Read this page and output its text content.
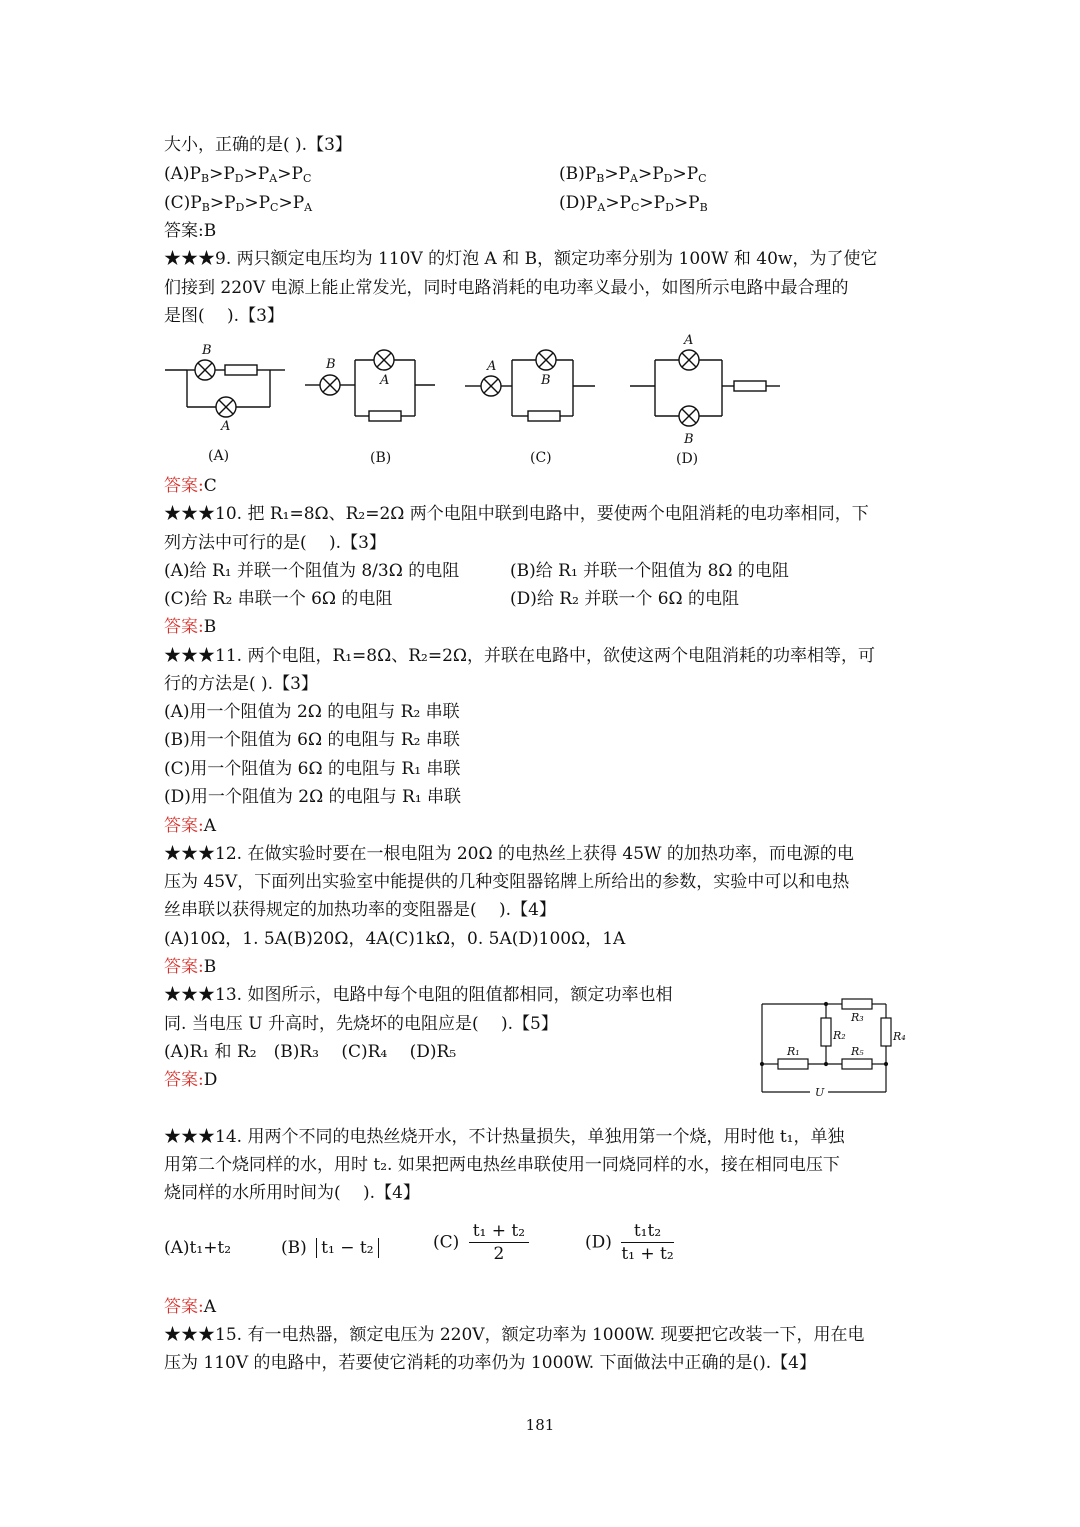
大小，正确的是( ).【3】
$(A)P_B>P_D>P_A>P_C$	$(B)P_B>P_A>P_D>P_C$
$(C)P_B>P_D>P_C>P_A$	$(D)P_A>P_C>P_D>P_B$
答案:B
★★★9. 两只额定电压均为 110V 的灯泡 A 和 B，额定功率分别为 100W 和 40w，为了使它
们接到 220V 电源上能止常发光，同时电路消耗的电功率义最小，如图所示电路中最合理的
是图(　 ).【3】
B
A
B
A
A
B
A
B
(A)	(B)	(C)	(D)
答案:C
★★★10. 把 R₁=8Ω、R₂=2Ω 两个电阻中联到电路中，要使两个电阻消耗的电功率相同，下
列方法中可行的是(　 ).【3】
(A)给 R₁ 并联一个阻值为 8/3Ω 的电阻	(B)给 R₁ 并联一个阻值为 8Ω 的电阻
(C)给 R₂ 串联一个 6Ω 的电阻	(D)给 R₂ 并联一个 6Ω 的电阻
答案:B
★★★11. 两个电阻，R₁=8Ω、R₂=2Ω，并联在电路中，欲使这两个电阻消耗的功率相等，可
行的方法是( ).【3】
(A)用一个阻值为 2Ω 的电阻与 R₂ 串联
(B)用一个阻值为 6Ω 的电阻与 R₂ 串联
(C)用一个阻值为 6Ω 的电阻与 R₁ 串联
(D)用一个阻值为 2Ω 的电阻与 R₁ 串联
答案:A
★★★12. 在做实验时要在一根电阻为 20Ω 的电热丝上获得 45W 的加热功率，而电源的电
压为 45V，下面列出实验室中能提供的几种变阻器铭牌上所给出的参数，实验中可以和电热
丝串联以获得规定的加热功率的变阻器是(　 ).【4】
(A)10Ω，1. 5A(B)20Ω，4A(C)1kΩ，0. 5A(D)100Ω，1A
答案:B
★★★13. 如图所示，电路中每个电阻的阻值都相同，额定功率也相
同. 当电压 U 升高时，先烧坏的电阻应是(　 ).【5】
(A)R₁ 和 R₂　(B)R₃　 (C)R₄　 (D)R₅
答案:D
R₃
R₂	R₄
R₁	R₅
U
★★★14. 用两个不同的电热丝烧开水，不计热量损失，单独用第一个烧，用时他 t₁，单独
用第二个烧同样的水，用时 t₂. 如果把两电热丝串联使用一同烧同样的水，接在相同电压下
烧同样的水所用时间为(　 ).【4】
(A)t₁+t₂	(B) t₁ − t₂	$(C) \frac{\text{t₁ + t₂}}{2}$	$(D) \frac{\text{t₁t₂}}{\text{t₁ + t₂}}$
答案:A
★★★15. 有一电热器，额定电压为 220V，额定功率为 1000W. 现要把它改装一下，用在电
压为 110V 的电路中，若要使它消耗的功率仍为 1000W. 下面做法中正确的是().【4】
181
